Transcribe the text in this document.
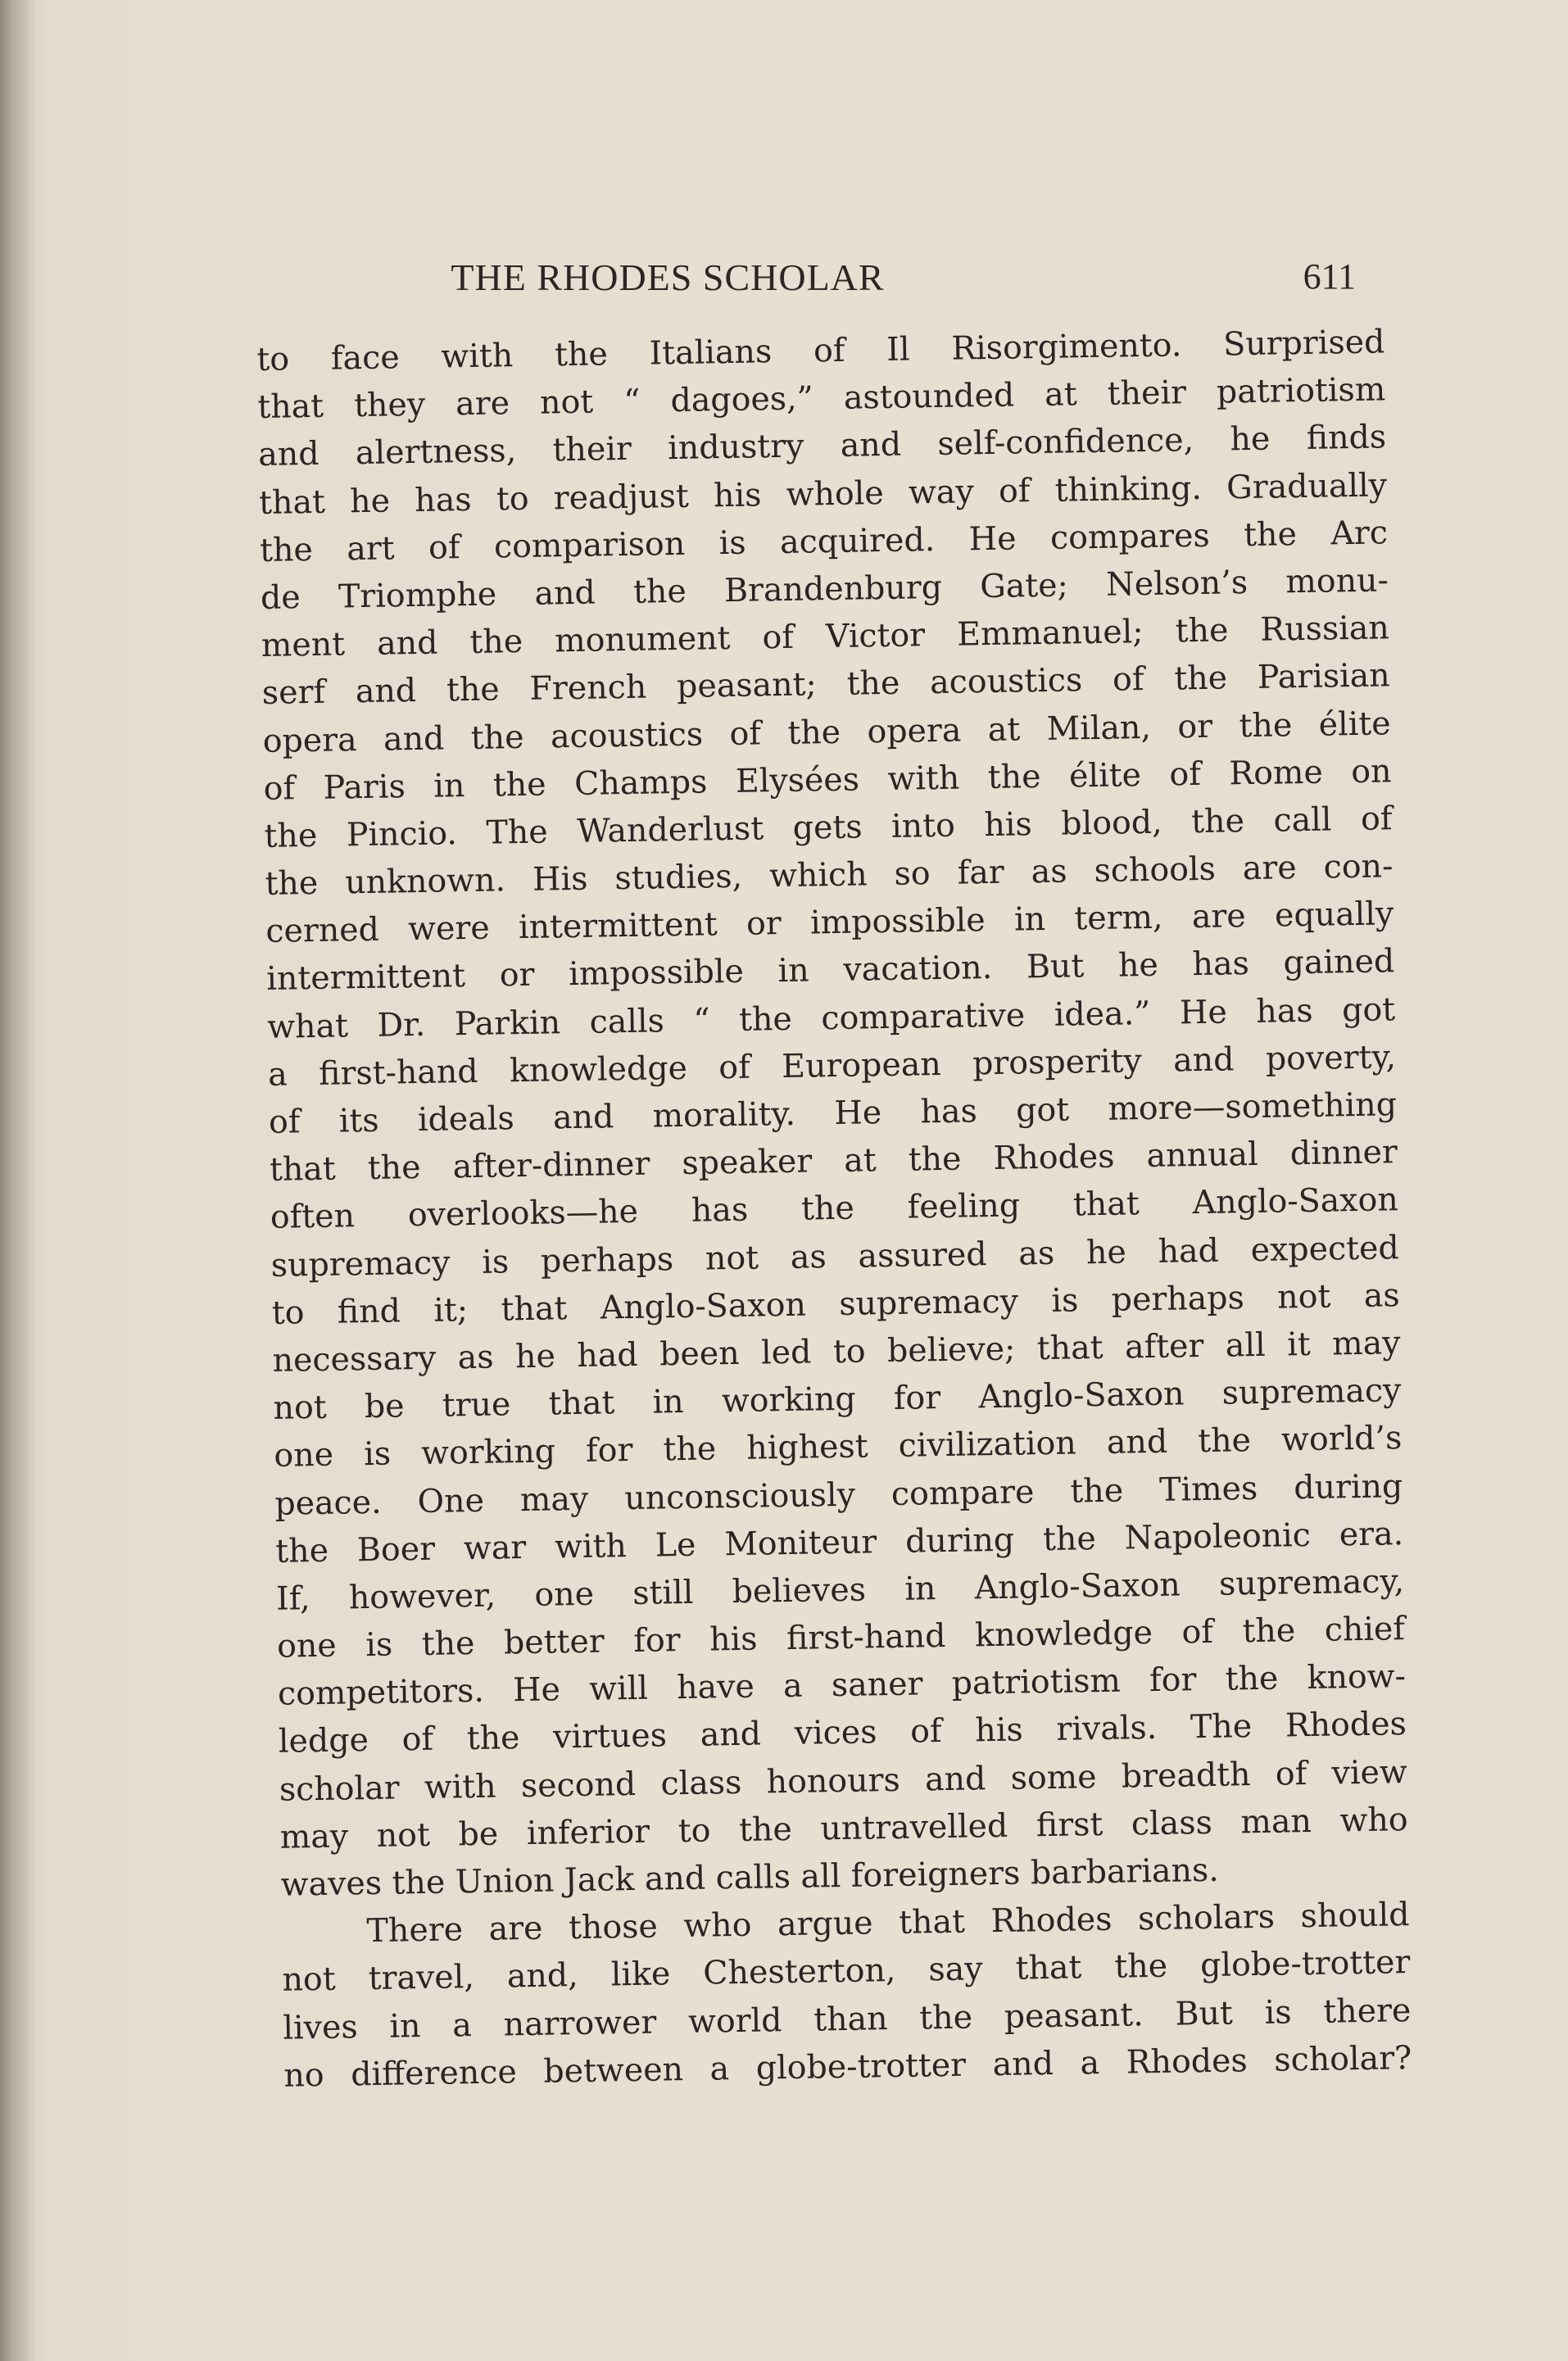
THE RHODES SCHOLAR	611
to face with the Italians of Il Risorgimento. Surprised
that they are not “ dagoes,” astounded at their patriotism
and alertness, their industry and self-confidence, he finds
that he has to readjust his whole way of thinking. Gradually
the art of comparison is acquired. He compares the Arc
de Triomphe and the Brandenburg Gate; Nelson’s monu-
ment and the monument of Victor Emmanuel; the Russian
serf and the French peasant; the acoustics of the Parisian
opera and the acoustics of the opera at Milan, or the élite
of Paris in the Champs Elysées with the élite of Rome on
the Pincio. The Wanderlust gets into his blood, the call of
the unknown. His studies, which so far as schools are con-
cerned were intermittent or impossible in term, are equally
intermittent or impossible in vacation. But he has gained
what Dr. Parkin calls “ the comparative idea.” He has got
a first-hand knowledge of European prosperity and poverty,
of its ideals and morality. He has got more—something
that the after-dinner speaker at the Rhodes annual dinner
often overlooks—he has the feeling that Anglo-Saxon
supremacy is perhaps not as assured as he had expected
to find it; that Anglo-Saxon supremacy is perhaps not as
necessary as he had been led to believe; that after all it may
not be true that in working for Anglo-Saxon supremacy
one is working for the highest civilization and the world’s
peace. One may unconsciously compare the Times during
the Boer war with Le Moniteur during the Napoleonic era.
If, however, one still believes in Anglo-Saxon supremacy,
one is the better for his first-hand knowledge of the chief
competitors. He will have a saner patriotism for the know-
ledge of the virtues and vices of his rivals. The Rhodes
scholar with second class honours and some breadth of view
may not be inferior to the untravelled first class man who
waves the Union Jack and calls all foreigners barbarians.
There are those who argue that Rhodes scholars should
not travel, and, like Chesterton, say that the globe-trotter
lives in a narrower world than the peasant. But is there
no difference between a globe-trotter and a Rhodes scholar?
